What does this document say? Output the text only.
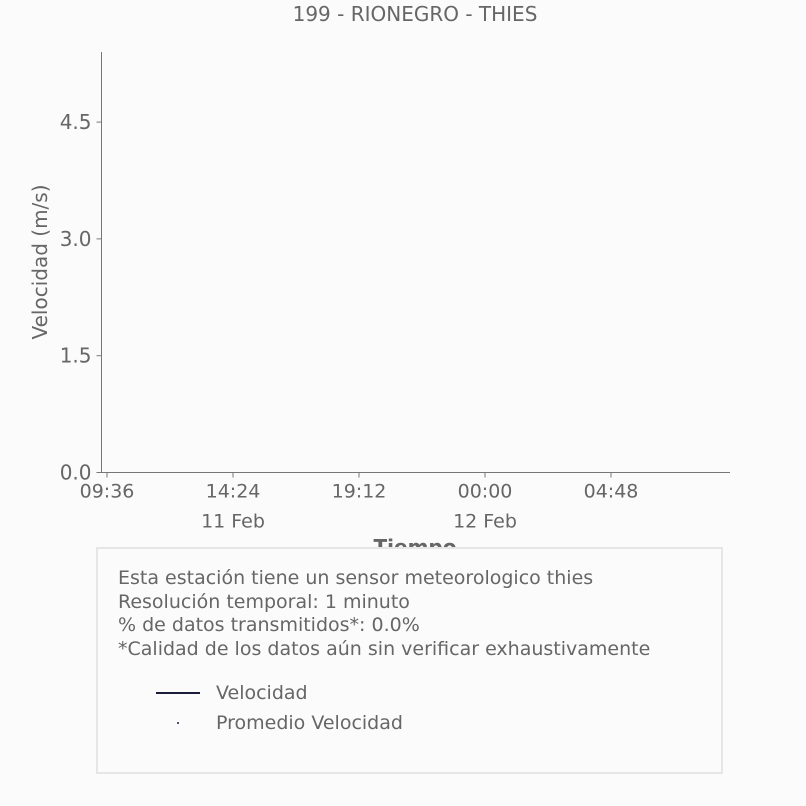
199 - RIONEGRO - THIES
0.0
1.5
3.0
4.5
09:36	14:24
11 Feb
19:12	00:00
12 Feb
04:48
Velocidad (m/s)
Esta estación tiene un sensor meteorologico thies
Resolución temporal: 1 minuto
% de datos transmitidos*: 0.0%
*Calidad de los datos aún sin verificar exhaustivamente
Velocidad
Promedio Velocidad
